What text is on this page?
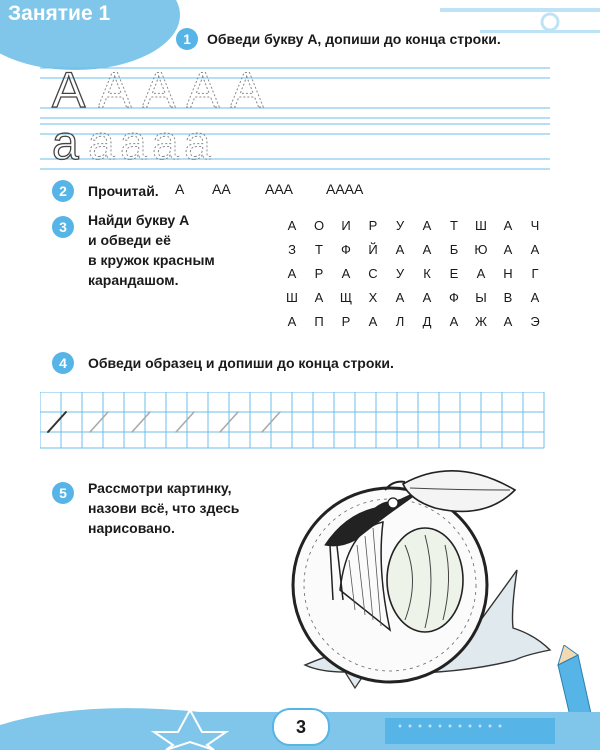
Занятие 1
1	Обведи букву А, допиши до конца строки.
А А А А А
а а а а а
2	Прочитай. А АА ААА АААА
3	Найди букву А
и обведи её
в кружок красным
карандашом.
А	О	И	Р	У	А	Т	Ш	А	Ч
З	Т	Ф	Й	А	А	Б	Ю	А	А
А	Р	А	С	У	К	Е	А	Н	Г
Ш	А	Щ	Х	А	А	Ф	Ы	В	А
А	П	Р	А	Л	Д	А	Ж	А	Э
4	Обведи образец и допиши до конца строки.
5	Рассмотри картинку,
назови всё, что здесь
нарисовано.
3
